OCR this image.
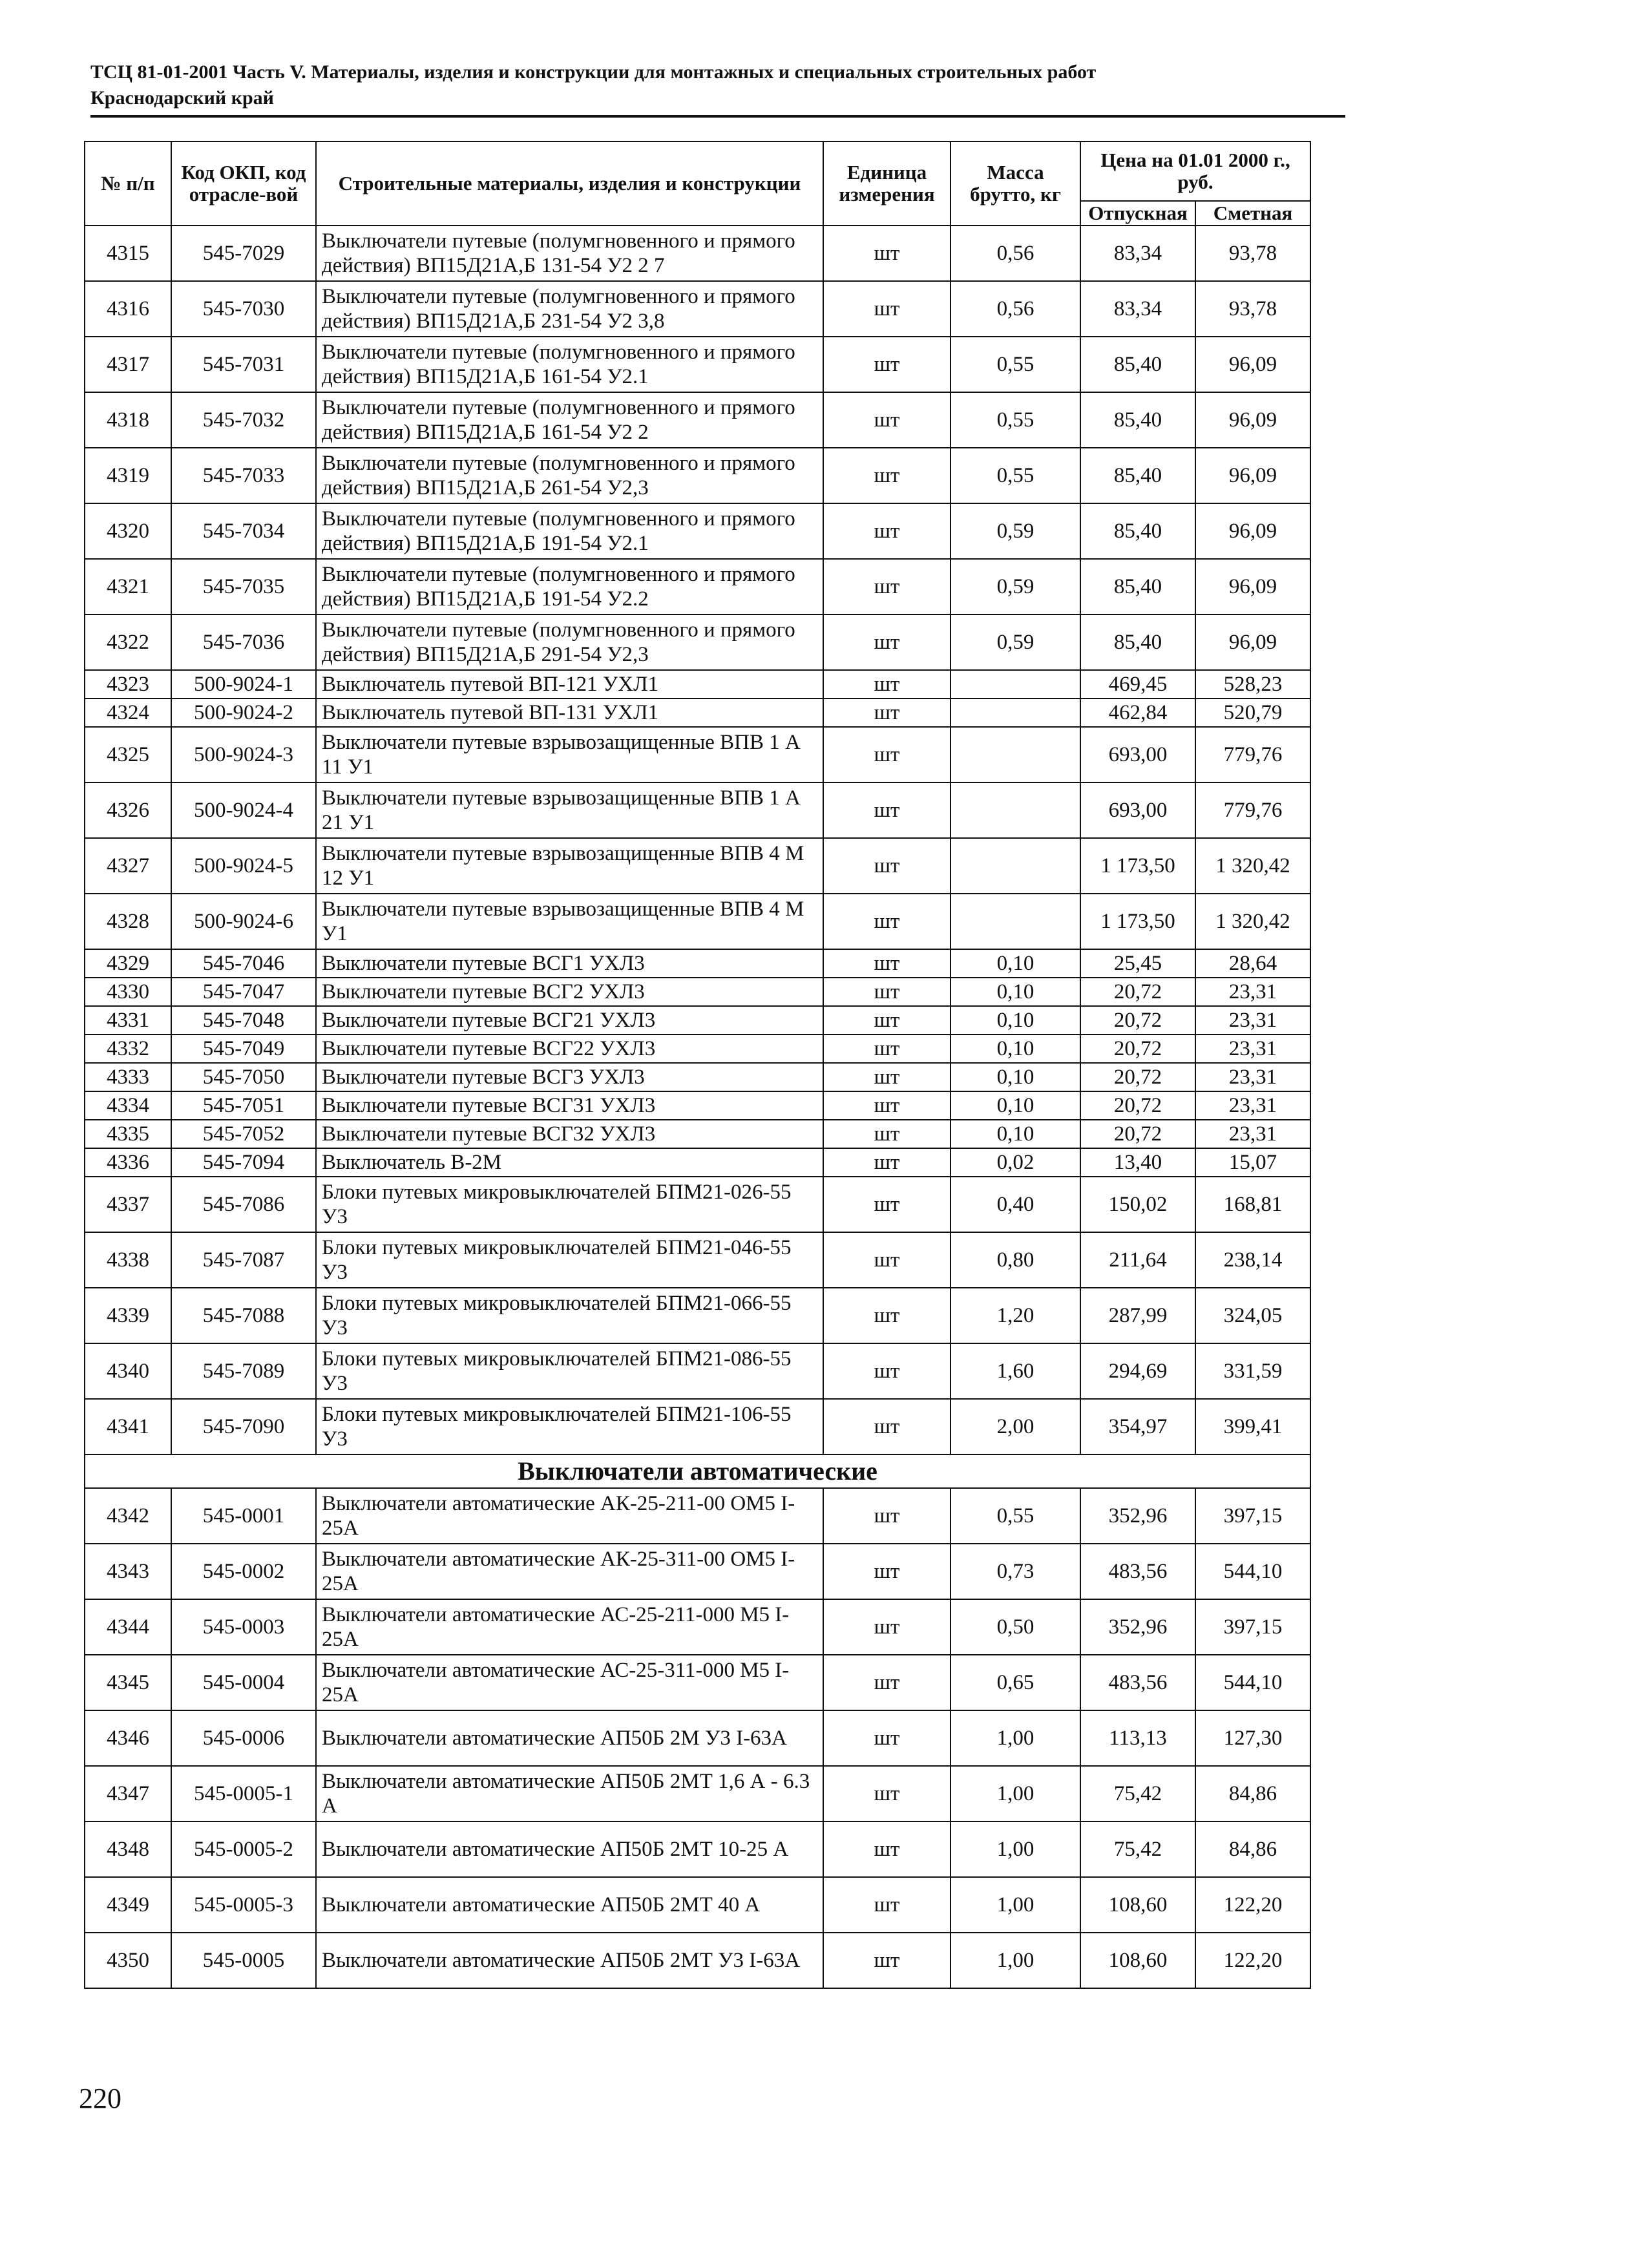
ТСЦ 81-01-2001 Часть V. Материалы, изделия и конструкции для монтажных и специальных строительных работ
Краснодарский край
№ п/п	Код ОКП, код отрасле-вой	Строительные материалы, изделия и конструкции	Единица измерения	Масса брутто, кг	Цена на 01.01 2000 г., руб.	
					Отпускная	Сметная
4315	545-7029	Выключатели путевые (полумгновенного и прямого действия) ВП15Д21А,Б 131-54 У2 2 7	шт	0,56	83,34	93,78
4316	545-7030	Выключатели путевые (полумгновенного и прямого действия) ВП15Д21А,Б 231-54 У2 3,8	шт	0,56	83,34	93,78
4317	545-7031	Выключатели путевые (полумгновенного и прямого действия) ВП15Д21А,Б 161-54 У2.1	шт	0,55	85,40	96,09
4318	545-7032	Выключатели путевые (полумгновенного и прямого действия) ВП15Д21А,Б 161-54 У2 2	шт	0,55	85,40	96,09
4319	545-7033	Выключатели путевые (полумгновенного и прямого действия) ВП15Д21А,Б 261-54 У2,3	шт	0,55	85,40	96,09
4320	545-7034	Выключатели путевые (полумгновенного и прямого действия) ВП15Д21А,Б 191-54 У2.1	шт	0,59	85,40	96,09
4321	545-7035	Выключатели путевые (полумгновенного и прямого действия) ВП15Д21А,Б 191-54 У2.2	шт	0,59	85,40	96,09
4322	545-7036	Выключатели путевые (полумгновенного и прямого действия) ВП15Д21А,Б 291-54 У2,3	шт	0,59	85,40	96,09
4323	500-9024-1	Выключатель путевой ВП-121 УХЛ1	шт		469,45	528,23
4324	500-9024-2	Выключатель путевой ВП-131 УХЛ1	шт		462,84	520,79
4325	500-9024-3	Выключатели путевые взрывозащищенные ВПВ 1 А 11 У1	шт		693,00	779,76
4326	500-9024-4	Выключатели путевые взрывозащищенные ВПВ 1 А 21 У1	шт		693,00	779,76
4327	500-9024-5	Выключатели путевые взрывозащищенные ВПВ 4 М 12 У1	шт		1 173,50	1 320,42
4328	500-9024-6	Выключатели путевые взрывозащищенные ВПВ 4 М У1	шт		1 173,50	1 320,42
4329	545-7046	Выключатели путевые ВСГ1 УХЛ3	шт	0,10	25,45	28,64
4330	545-7047	Выключатели путевые ВСГ2 УХЛ3	шт	0,10	20,72	23,31
4331	545-7048	Выключатели путевые ВСГ21 УХЛ3	шт	0,10	20,72	23,31
4332	545-7049	Выключатели путевые ВСГ22 УХЛ3	шт	0,10	20,72	23,31
4333	545-7050	Выключатели путевые ВСГ3 УХЛ3	шт	0,10	20,72	23,31
4334	545-7051	Выключатели путевые ВСГ31 УХЛ3	шт	0,10	20,72	23,31
4335	545-7052	Выключатели путевые ВСГ32 УХЛ3	шт	0,10	20,72	23,31
4336	545-7094	Выключатель В-2М	шт	0,02	13,40	15,07
4337	545-7086	Блоки путевых микровыключателей БПМ21-026-55 У3	шт	0,40	150,02	168,81
4338	545-7087	Блоки путевых микровыключателей БПМ21-046-55 У3	шт	0,80	211,64	238,14
4339	545-7088	Блоки путевых микровыключателей БПМ21-066-55 У3	шт	1,20	287,99	324,05
4340	545-7089	Блоки путевых микровыключателей БПМ21-086-55 У3	шт	1,60	294,69	331,59
4341	545-7090	Блоки путевых микровыключателей БПМ21-106-55 У3	шт	2,00	354,97	399,41
Выключатели автоматические						
4342	545-0001	Выключатели автоматические АК-25-211-00 ОМ5 I-25А	шт	0,55	352,96	397,15
4343	545-0002	Выключатели автоматические АК-25-311-00 ОМ5 I-25А	шт	0,73	483,56	544,10
4344	545-0003	Выключатели автоматические АС-25-211-000 М5 I-25А	шт	0,50	352,96	397,15
4345	545-0004	Выключатели автоматические АС-25-311-000 М5 I-25А	шт	0,65	483,56	544,10
4346	545-0006	Выключатели автоматические АП50Б 2М У3 I-63А	шт	1,00	113,13	127,30
4347	545-0005-1	Выключатели автоматические АП50Б 2МТ 1,6 А - 6.3 А	шт	1,00	75,42	84,86
4348	545-0005-2	Выключатели автоматические АП50Б 2МТ 10-25 А	шт	1,00	75,42	84,86
4349	545-0005-3	Выключатели автоматические АП50Б 2МТ 40 А	шт	1,00	108,60	122,20
4350	545-0005	Выключатели автоматические АП50Б 2МТ У3 I-63А	шт	1,00	108,60	122,20
220
